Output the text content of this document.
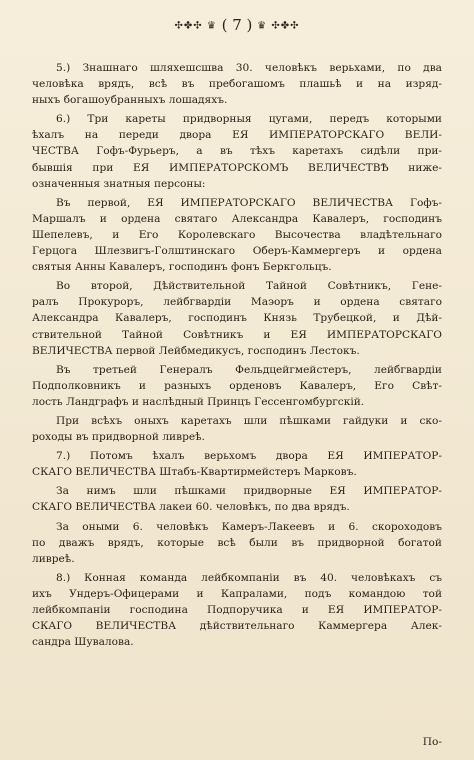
✣✤✣ ♛ ( 7 ) ♛ ✣✤✣
5.) Знашнаго шляхешсшва 30. человѣкъ верьхами, по два
человѣка врядъ, всѣ въ пребогашомъ плашьѣ и на изряд-
ныхъ богашоубранныхъ лошадяхъ.
6.) Три кареты придворныя цугами, передъ которыми
ѣхалъ на переди двора ЕЯ ИМПЕРАТОРСКАГО ВЕЛИ-
ЧЕСТВА Гофъ-Фурьеръ, а въ тѣхъ каретахъ сидѣли при-
бывшія при ЕЯ ИМПЕРАТОРСКОМЪ ВЕЛИЧЕСТВѢ ниже-
означенныя знатныя персоны:
Въ первой, ЕЯ ИМПЕРАТОРСКАГО ВЕЛИЧЕСТВА Гофъ-
Маршалъ и ордена святаго Александра Кавалеръ, господинъ
Шепелевъ, и Его Королевскаго Высочества владѣтельнаго
Герцога Шлезвигъ-Голштинскаго Оберъ-Каммергеръ и ордена
святыя Анны Кавалеръ, господинъ фонъ Беркгольцъ.
Во второй, Дѣйствительной Тайной Совѣтникъ, Гене-
ралъ Прокуроръ, лейбгвардіи Маэоръ и ордена святаго
Александра Кавалеръ, господинъ Князь Трубецкой, и Дѣй-
ствительной Тайной Совѣтникъ и ЕЯ ИМПЕРАТОРСКАГО
ВЕЛИЧЕСТВА первой Лейбмедикусъ, господинъ Лестокъ.
Въ третьей Генералъ Фельдцейгмейстеръ, лейбгвардіи
Подполковникъ и разныхъ орденовъ Кавалеръ, Его Свѣт-
лость Ландграфъ и наслѣдный Принцъ Гессенгомбургскій.
При всѣхъ оныхъ каретахъ шли пѣшками гайдуки и ско-
роходы въ придворной ливреѣ.
7.) Потомъ ѣхалъ верьхомъ двора ЕЯ ИМПЕРАТОР-
СКАГО ВЕЛИЧЕСТВА Штабъ-Квартирмейстеръ Марковъ.
За нимъ шли пѣшками придворные ЕЯ ИМПЕРАТОР-
СКАГО ВЕЛИЧЕСТВА лакеи 60. человѣкъ, по два врядъ.
За оными 6. человѣкъ Камеръ-Лакеевъ и 6. скороходовъ
по дважъ врядъ, которые всѣ были въ придворной богатой
ливреѣ.
8.) Конная команда лейбкомпаніи въ 40. человѣкахъ съ
ихъ Ундеръ-Офицерами и Капралами, подъ командою той
лейбкомпаніи господина Подпоручика и ЕЯ ИМПЕРАТОР-
СКАГО ВЕЛИЧЕСТВА дѣйствительнаго Каммергера Алек-
сандра Шувалова.
По-
